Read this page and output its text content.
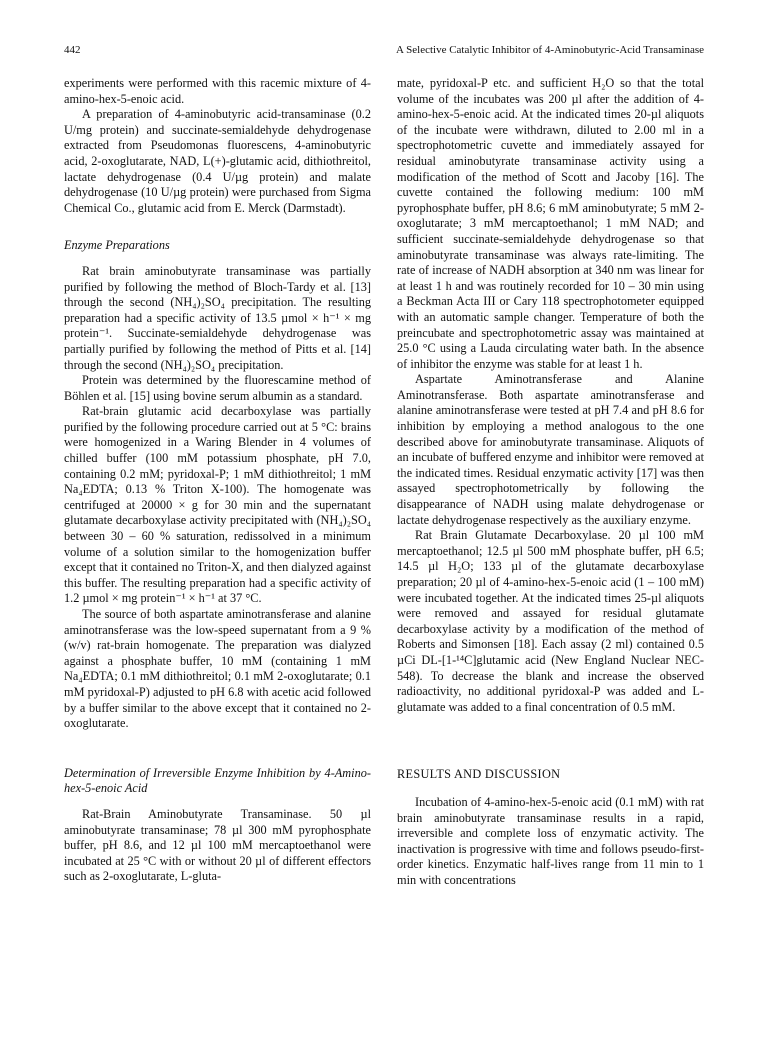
442	A Selective Catalytic Inhibitor of 4-Aminobutyric-Acid Transaminase

experiments were performed with this racemic mixture of 4-amino-hex-5-enoic acid.

A preparation of 4-aminobutyric acid-transaminase (0.2 U/mg protein) and succinate-semialdehyde dehydrogenase extracted from Pseudomonas fluorescens, 4-aminobutyric acid, 2-oxoglutarate, NAD, L(+)-glutamic acid, dithiothreitol, lactate dehydrogenase (0.4 U/µg protein) and malate dehydrogenase (10 U/µg protein) were purchased from Sigma Chemical Co., glutamic acid from E. Merck (Darmstadt).

Enzyme Preparations

Rat brain aminobutyrate transaminase was partially purified by following the method of Bloch-Tardy et al. [13] through the second (NH₄)₂SO₄ precipitation. The resulting preparation had a specific activity of 13.5 µmol × h⁻¹ × mg protein⁻¹. Succinate-semialdehyde dehydrogenase was partially purified by following the method of Pitts et al. [14] through the second (NH₄)₂SO₄ precipitation.

Protein was determined by the fluorescamine method of Böhlen et al. [15] using bovine serum albumin as a standard.

Rat-brain glutamic acid decarboxylase was partially purified by the following procedure carried out at 5 °C: brains were homogenized in a Waring Blender in 4 volumes of chilled buffer (100 mM potassium phosphate, pH 7.0, containing 0.2 mM; pyridoxal-P; 1 mM dithiothreitol; 1 mM Na₄EDTA; 0.13 % Triton X-100). The homogenate was centrifuged at 20000 × g for 30 min and the supernatant glutamate decarboxylase activity precipitated with (NH₄)₂SO₄ between 30 – 60 % saturation, redissolved in a minimum volume of a solution similar to the homogenization buffer except that it contained no Triton-X, and then dialyzed against this buffer. The resulting preparation had a specific activity of 1.2 µmol × mg protein⁻¹ × h⁻¹ at 37 °C.

The source of both aspartate aminotransferase and alanine aminotransferase was the low-speed supernatant from a 9 % (w/v) rat-brain homogenate. The preparation was dialyzed against a phosphate buffer, 10 mM (containing 1 mM Na₄EDTA; 0.1 mM dithiothreitol; 0.1 mM 2-oxoglutarate; 0.1 mM pyridoxal-P) adjusted to pH 6.8 with acetic acid followed by a buffer similar to the above except that it contained no 2-oxoglutarate.

Determination of Irreversible Enzyme Inhibition by 4-Amino-hex-5-enoic Acid

Rat-Brain Aminobutyrate Transaminase. 50 µl aminobutyrate transaminase; 78 µl 300 mM pyrophosphate buffer, pH 8.6, and 12 µl 100 mM mercaptoethanol were incubated at 25 °C with or without 20 µl of different effectors such as 2-oxoglutarate, L-gluta-

mate, pyridoxal-P etc. and sufficient H₂O so that the total volume of the incubates was 200 µl after the addition of 4-amino-hex-5-enoic acid. At the indicated times 20-µl aliquots of the incubate were withdrawn, diluted to 2.00 ml in a spectrophotometric cuvette and immediately assayed for residual aminobutyrate transaminase activity using a modification of the method of Scott and Jacoby [16]. The cuvette contained the following medium: 100 mM pyrophosphate buffer, pH 8.6; 6 mM aminobutyrate; 5 mM 2-oxoglutarate; 3 mM mercaptoethanol; 1 mM NAD; and sufficient succinate-semialdehyde dehydrogenase so that aminobutyrate transaminase was always rate-limiting. The rate of increase of NADH absorption at 340 nm was linear for at least 1 h and was routinely recorded for 10 – 30 min using a Beckman Acta III or Cary 118 spectrophotometer equipped with an automatic sample changer. Temperature of both the preincubate and spectrophotometric assay was maintained at 25.0 °C using a Lauda circulating water bath. In the absence of inhibitor the enzyme was stable for at least 1 h.

Aspartate Aminotransferase and Alanine Aminotransferase. Both aspartate aminotransferase and alanine aminotransferase were tested at pH 7.4 and pH 8.6 for inhibition by employing a method analogous to the one described above for aminobutyrate transaminase. Aliquots of an incubate of buffered enzyme and inhibitor were removed at the indicated times. Residual enzymatic activity [17] was then assayed spectrophotometrically by following the disappearance of NADH using malate dehydrogenase or lactate dehydrogenase respectively as the auxiliary enzyme.

Rat Brain Glutamate Decarboxylase. 20 µl 100 mM mercaptoethanol; 12.5 µl 500 mM phosphate buffer, pH 6.5; 14.5 µl H₂O; 133 µl of the glutamate decarboxylase preparation; 20 µl of 4-amino-hex-5-enoic acid (1 – 100 mM) were incubated together. At the indicated times 25-µl aliquots were removed and assayed for residual glutamate decarboxylase activity by a modification of the method of Roberts and Simonsen [18]. Each assay (2 ml) contained 0.5 µCi DL-[1-¹⁴C]glutamic acid (New England Nuclear NEC-548). To decrease the blank and increase the observed radioactivity, no additional pyridoxal-P was added and L-glutamate was added to a final concentration of 0.5 mM.

RESULTS AND DISCUSSION

Incubation of 4-amino-hex-5-enoic acid (0.1 mM) with rat brain aminobutyrate transaminase results in a rapid, irreversible and complete loss of enzymatic activity. The inactivation is progressive with time and follows pseudo-first-order kinetics. Enzymatic half-lives range from 11 min to 1 min with concentrations
